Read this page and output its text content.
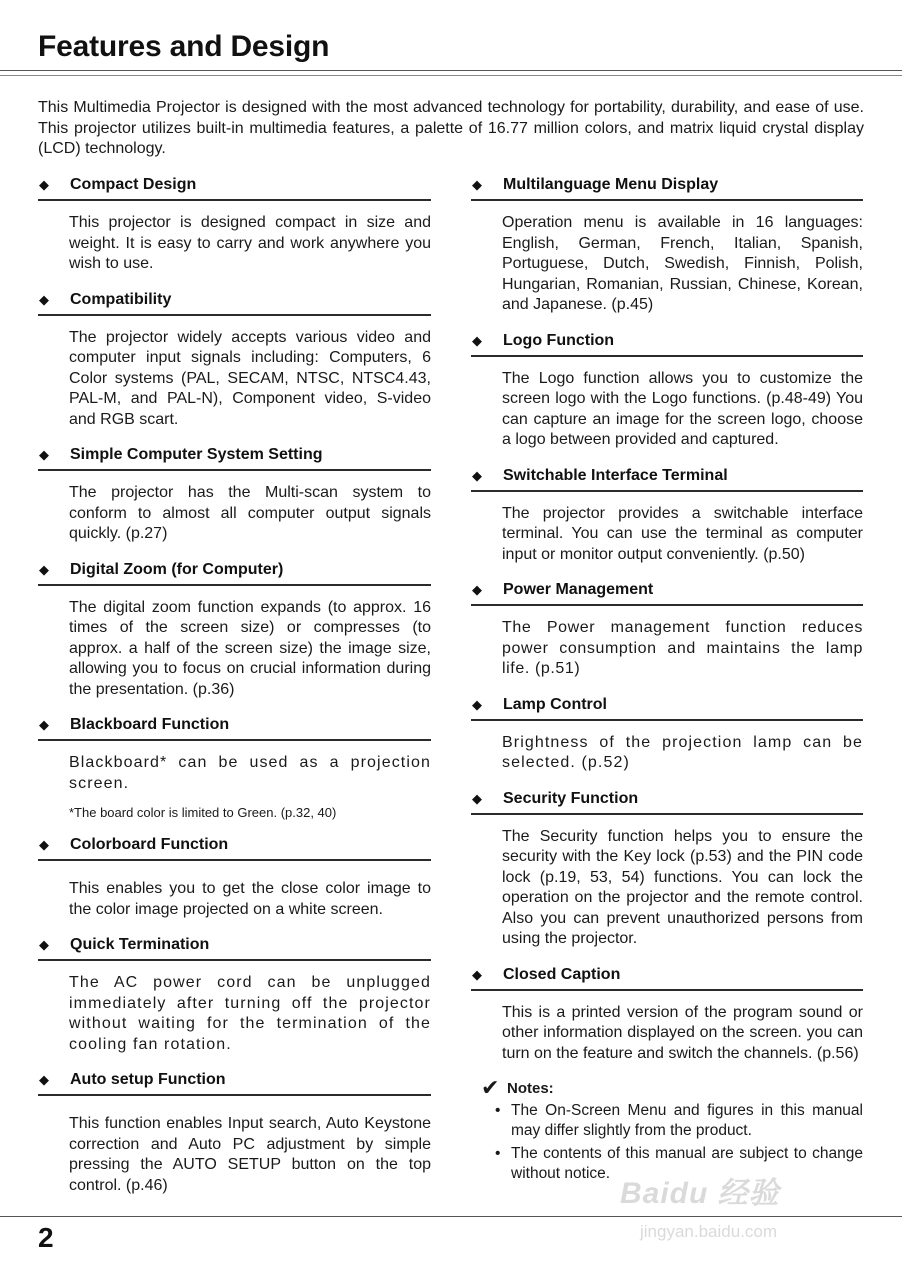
Features and Design

This Multimedia Projector is designed with the most advanced technology for portability, durability, and ease of use. This projector utilizes built-in multimedia features, a palette of 16.77 million colors, and matrix liquid crystal display (LCD) technology.

◆	Compact Design

This projector is designed compact in size and weight. It is easy to carry and work anywhere you wish to use.

◆	Compatibility

The projector widely accepts various video and computer input signals including: Computers, 6 Color systems (PAL, SECAM, NTSC, NTSC4.43, PAL-M, and PAL-N), Component video, S-video and RGB scart.

◆	Simple Computer System Setting

The projector has the Multi-scan system to conform to almost all computer output signals quickly. (p.27)

◆	Digital Zoom (for Computer)

The digital zoom function expands (to approx. 16 times of the screen size) or compresses (to approx. a half of the screen size) the image size, allowing you to focus on crucial information during the presentation. (p.36)

◆	Blackboard Function

Blackboard* can be used as a projection screen.

*The board color is limited to Green. (p.32, 40)

◆	Colorboard Function

This enables you to get the close color image to the color image projected on a white screen.

◆	Quick Termination

The AC power cord can be unplugged immediately after turning off the projector without waiting for the termination of the cooling fan rotation.

◆	Auto setup Function

This function enables Input search, Auto Keystone correction and Auto PC adjustment by simple pressing the AUTO SETUP button on the top control. (p.46)

◆	Multilanguage Menu Display

Operation menu is available in 16 languages: English, German, French, Italian, Spanish, Portuguese, Dutch, Swedish, Finnish, Polish, Hungarian, Romanian, Russian, Chinese, Korean, and Japanese. (p.45)

◆	Logo Function

The Logo function allows you to customize the screen logo with the Logo functions. (p.48-49) You can capture an image for the screen logo, choose a logo between provided and captured.

◆	Switchable Interface Terminal

The projector provides a switchable interface terminal. You can use the terminal as computer input or monitor output conveniently. (p.50)

◆	Power Management

The Power management function reduces power consumption and maintains the lamp life. (p.51)

◆	Lamp Control

Brightness of the projection lamp can be selected. (p.52)

◆	Security Function

The Security function helps you to ensure the security with the Key lock (p.53) and the PIN code lock (p.19, 53, 54) functions. You can lock the operation on the projector and the remote control. Also you can prevent unauthorized persons from using the projector.

◆	Closed Caption

This is a printed version of the program sound or other information displayed on the screen. you can turn on the feature and switch the channels. (p.56)

✔ Notes:
• The On-Screen Menu and figures in this manual may differ slightly from the product.
• The contents of this manual are subject to change without notice.
Baidu 经验
jingyan.baidu.com
2
